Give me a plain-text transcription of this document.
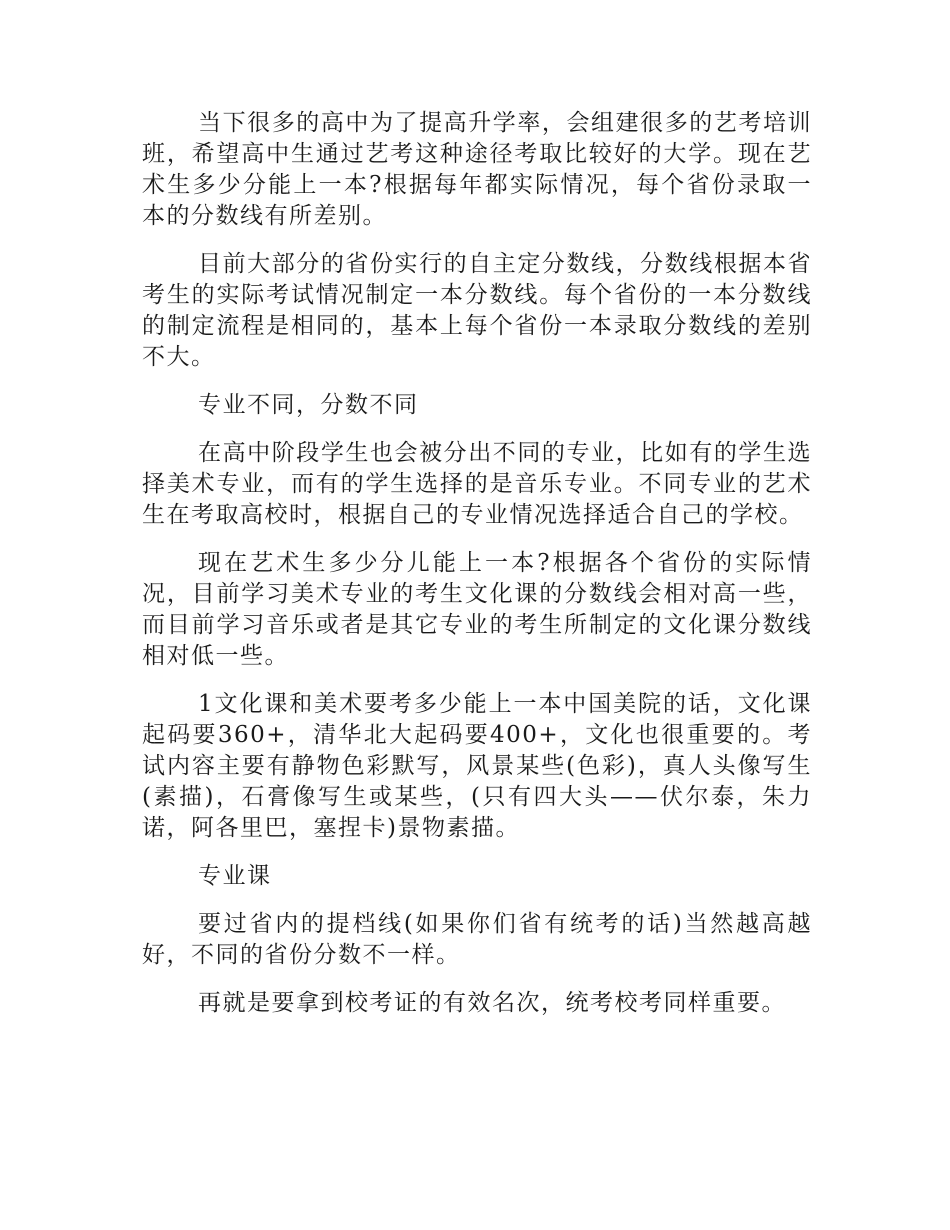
当下很多的高中为了提高升学率，会组建很多的艺考培训班，希望高中生通过艺考这种途径考取比较好的大学。现在艺术生多少分能上一本?根据每年都实际情况，每个省份录取一本的分数线有所差别。

目前大部分的省份实行的自主定分数线，分数线根据本省考生的实际考试情况制定一本分数线。每个省份的一本分数线的制定流程是相同的，基本上每个省份一本录取分数线的差别不大。

专业不同，分数不同

在高中阶段学生也会被分出不同的专业，比如有的学生选择美术专业，而有的学生选择的是音乐专业。不同专业的艺术生在考取高校时，根据自己的专业情况选择适合自己的学校。

现在艺术生多少分儿能上一本?根据各个省份的实际情况，目前学习美术专业的考生文化课的分数线会相对高一些，而目前学习音乐或者是其它专业的考生所制定的文化课分数线相对低一些。

1文化课和美术要考多少能上一本中国美院的话，文化课起码要360+，清华北大起码要400+，文化也很重要的。考试内容主要有静物色彩默写，风景某些(色彩)，真人头像写生(素描)，石膏像写生或某些，(只有四大头——伏尔泰，朱力诺，阿各里巴，塞捏卡)景物素描。

专业课

要过省内的提档线(如果你们省有统考的话)当然越高越好，不同的省份分数不一样。

再就是要拿到校考证的有效名次，统考校考同样重要。
